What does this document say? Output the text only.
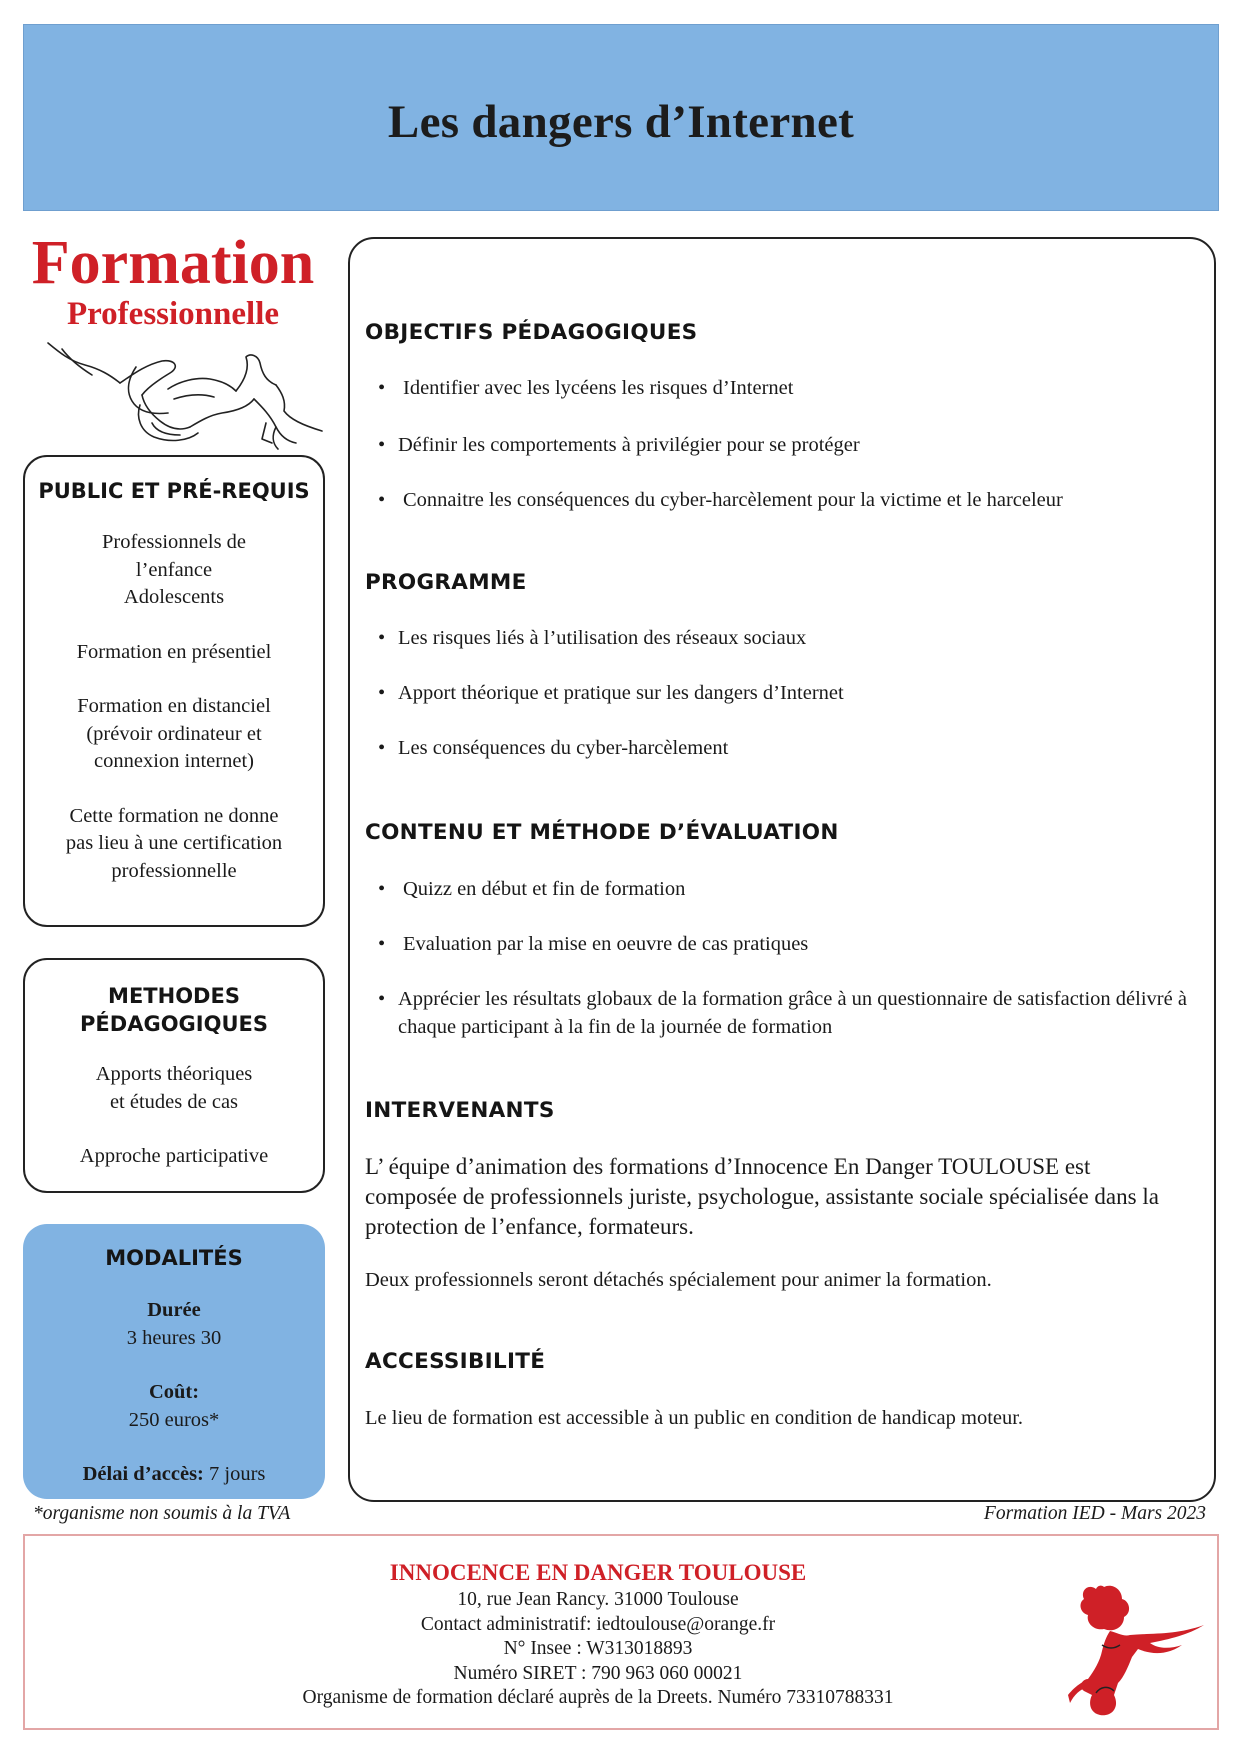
Les dangers d’Internet
Formation
Professionnelle
PUBLIC ET PRÉ-REQUIS

Professionnels de

l’enfance

Adolescents

Formation en présentiel

Formation en distanciel

(prévoir ordinateur et

connexion internet)

Cette formation ne donne

pas lieu à une certification

professionnelle

METHODES
PÉDAGOGIQUES

Apports théoriques

et études de cas

Approche participative

MODALITÉS

Durée

3 heures 30

Coût:

250 euros*

Délai d’accès: 7 jours

*organisme non soumis à la TVA	Formation IED - Mars 2023
OBJECTIFS PÉDAGOGIQUES
• Identifier avec les lycéens les risques d’Internet
• Définir les comportements à privilégier pour se protéger
• Connaitre les conséquences du cyber-harcèlement pour la victime et le harceleur
PROGRAMME
• Les risques liés à l’utilisation des réseaux sociaux
• Apport théorique et pratique sur les dangers d’Internet
• Les conséquences du cyber-harcèlement
CONTENU ET MÉTHODE D’ÉVALUATION
• Quizz en début et fin de formation
• Evaluation par la mise en oeuvre de cas pratiques
• Apprécier les résultats globaux de la formation grâce à un questionnaire de satisfaction délivré à chaque participant à la fin de la journée de formation
INTERVENANTS
L’ équipe d’animation des formations d’Innocence En Danger TOULOUSE est composée de professionnels juriste, psychologue, assistante sociale spécialisée dans la protection de l’enfance, formateurs.
Deux professionnels seront détachés spécialement pour animer la formation.
ACCESSIBILITÉ
Le lieu de formation est accessible à un public en condition de handicap moteur.
INNOCENCE EN DANGER TOULOUSE
10, rue Jean Rancy. 31000 Toulouse
Contact administratif: iedtoulouse@orange.fr
N° Insee : W313018893
Numéro SIRET : 790 963 060 00021
Organisme de formation déclaré auprès de la Dreets. Numéro 73310788331
